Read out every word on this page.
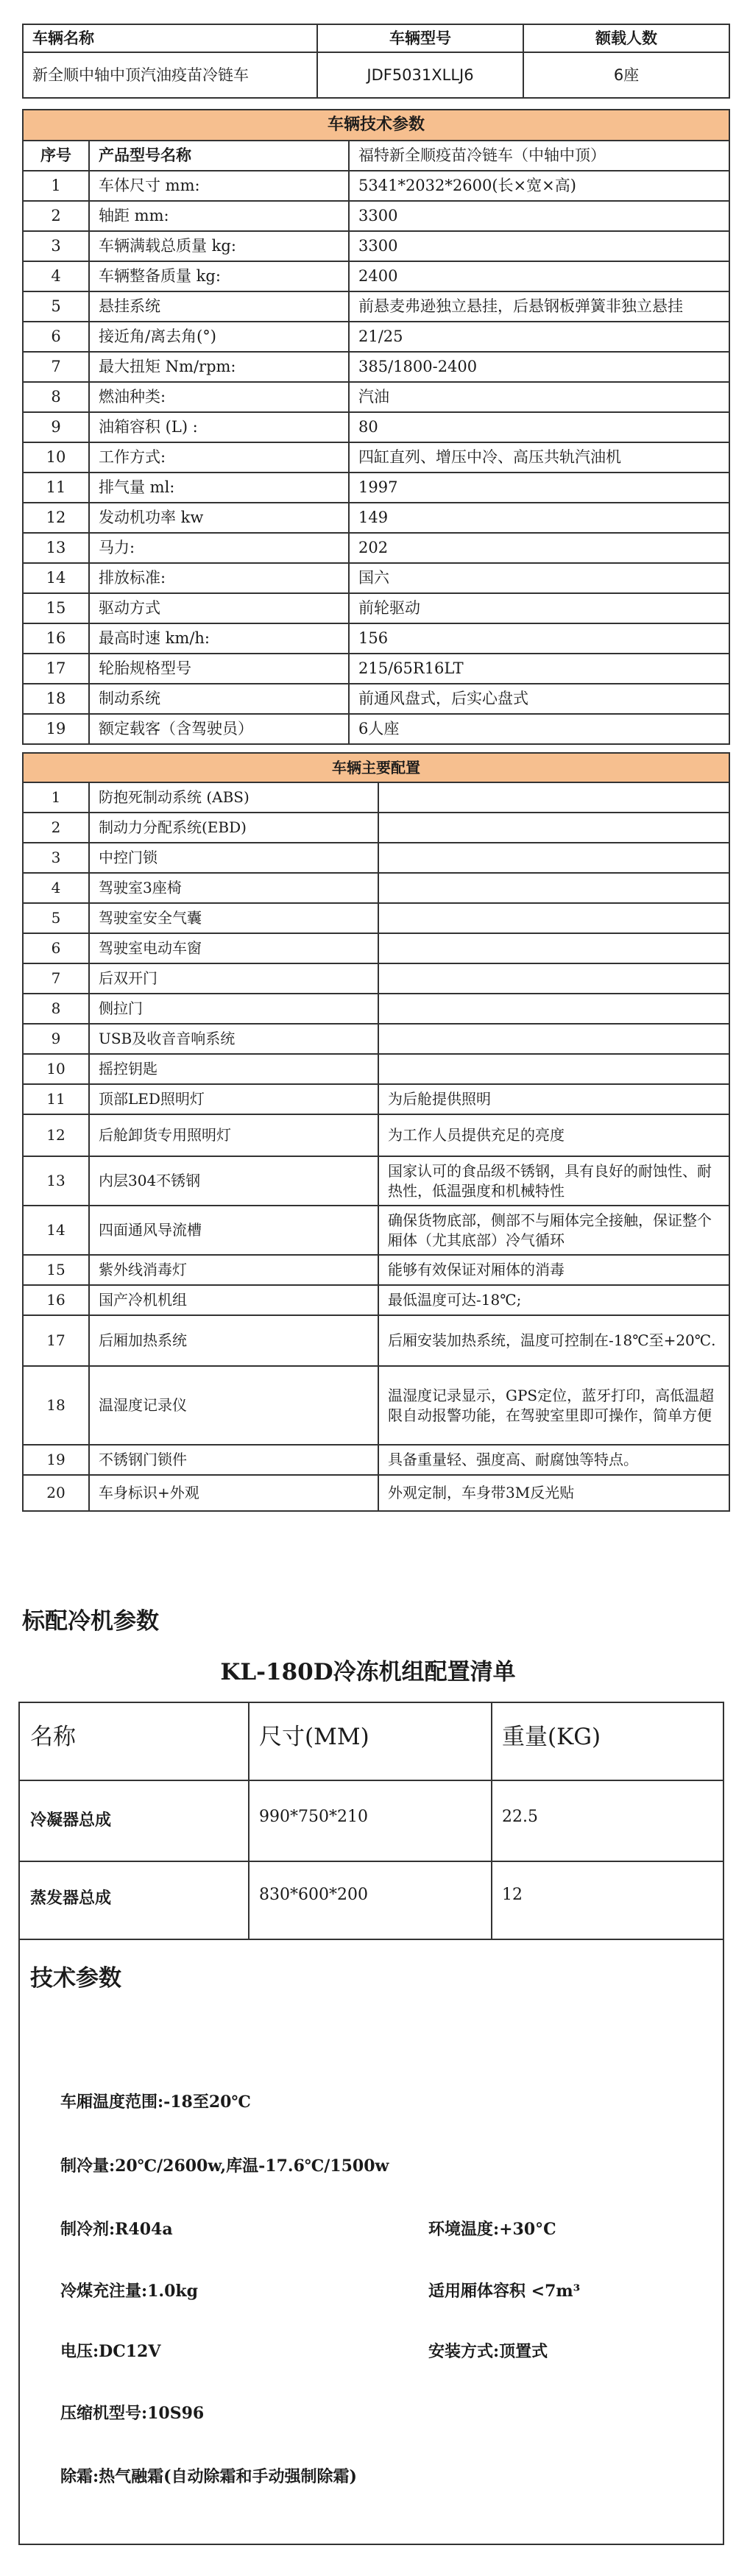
车辆名称	车辆型号	额载人数
新全顺中轴中顶汽油疫苗冷链车	JDF5031XLLJ6	6座
车辆技术参数		
序号	产品型号名称	福特新全顺疫苗冷链车（中轴中顶）
1	车体尺寸 mm:	5341*2032*2600(长×宽×高)
2	轴距 mm:	3300
3	车辆满载总质量 kg:	3300
4	车辆整备质量 kg:	2400
5	悬挂系统	前悬麦弗逊独立悬挂，后悬钢板弹簧非独立悬挂
6	接近角/离去角(°)	21/25
7	最大扭矩 Nm/rpm:	385/1800-2400
8	燃油种类:	汽油
9	油箱容积 (L) :	80
10	工作方式:	四缸直列、增压中冷、高压共轨汽油机
11	排气量 ml:	1997
12	发动机功率 kw	149
13	马力:	202
14	排放标准:	国六
15	驱动方式	前轮驱动
16	最高时速 km/h:	156
17	轮胎规格型号	215/65R16LT
18	制动系统	前通风盘式，后实心盘式
19	额定载客（含驾驶员）	6人座
车辆主要配置		
1	防抱死制动系统 (ABS)	
2	制动力分配系统(EBD)	
3	中控门锁	
4	驾驶室3座椅	
5	驾驶室安全气囊	
6	驾驶室电动车窗	
7	后双开门	
8	侧拉门	
9	USB及收音音响系统	
10	摇控钥匙	
11	顶部LED照明灯	为后舱提供照明
12	后舱卸货专用照明灯	为工作人员提供充足的亮度
13	内层304不锈钢	国家认可的食品级不锈钢，具有良好的耐蚀性、耐热性，低温强度和机械特性
14	四面通风导流槽	确保货物底部，侧部不与厢体完全接触，保证整个厢体（尤其底部）冷气循环
15	紫外线消毒灯	能够有效保证对厢体的消毒
16	国产冷机机组	最低温度可达-18℃;
17	后厢加热系统	后厢安装加热系统，温度可控制在-18℃至+20℃.
18	温湿度记录仪	温湿度记录显示，GPS定位，蓝牙打印，高低温超限自动报警功能，在驾驶室里即可操作，简单方便
19	不锈钢门锁件	具备重量轻、强度高、耐腐蚀等特点。
20	车身标识+外观	外观定制，车身带3M反光贴
标配冷机参数
KL-180D冷冻机组配置清单
名称	尺寸(MM)	重量(KG)
冷凝器总成	990*750*210	22.5
蒸发器总成	830*600*200	12
技术参数
车厢温度范围:-18至20℃
制冷量:20℃/2600w,库温-17.6℃/1500w
制冷剂:R404a	环境温度:+30°C
冷煤充注量:1.0kg	适用厢体容积 <7m³
电压:DC12V	安装方式:顶置式
压缩机型号:10S96
除霜:热气融霜(自动除霜和手动强制除霜)
